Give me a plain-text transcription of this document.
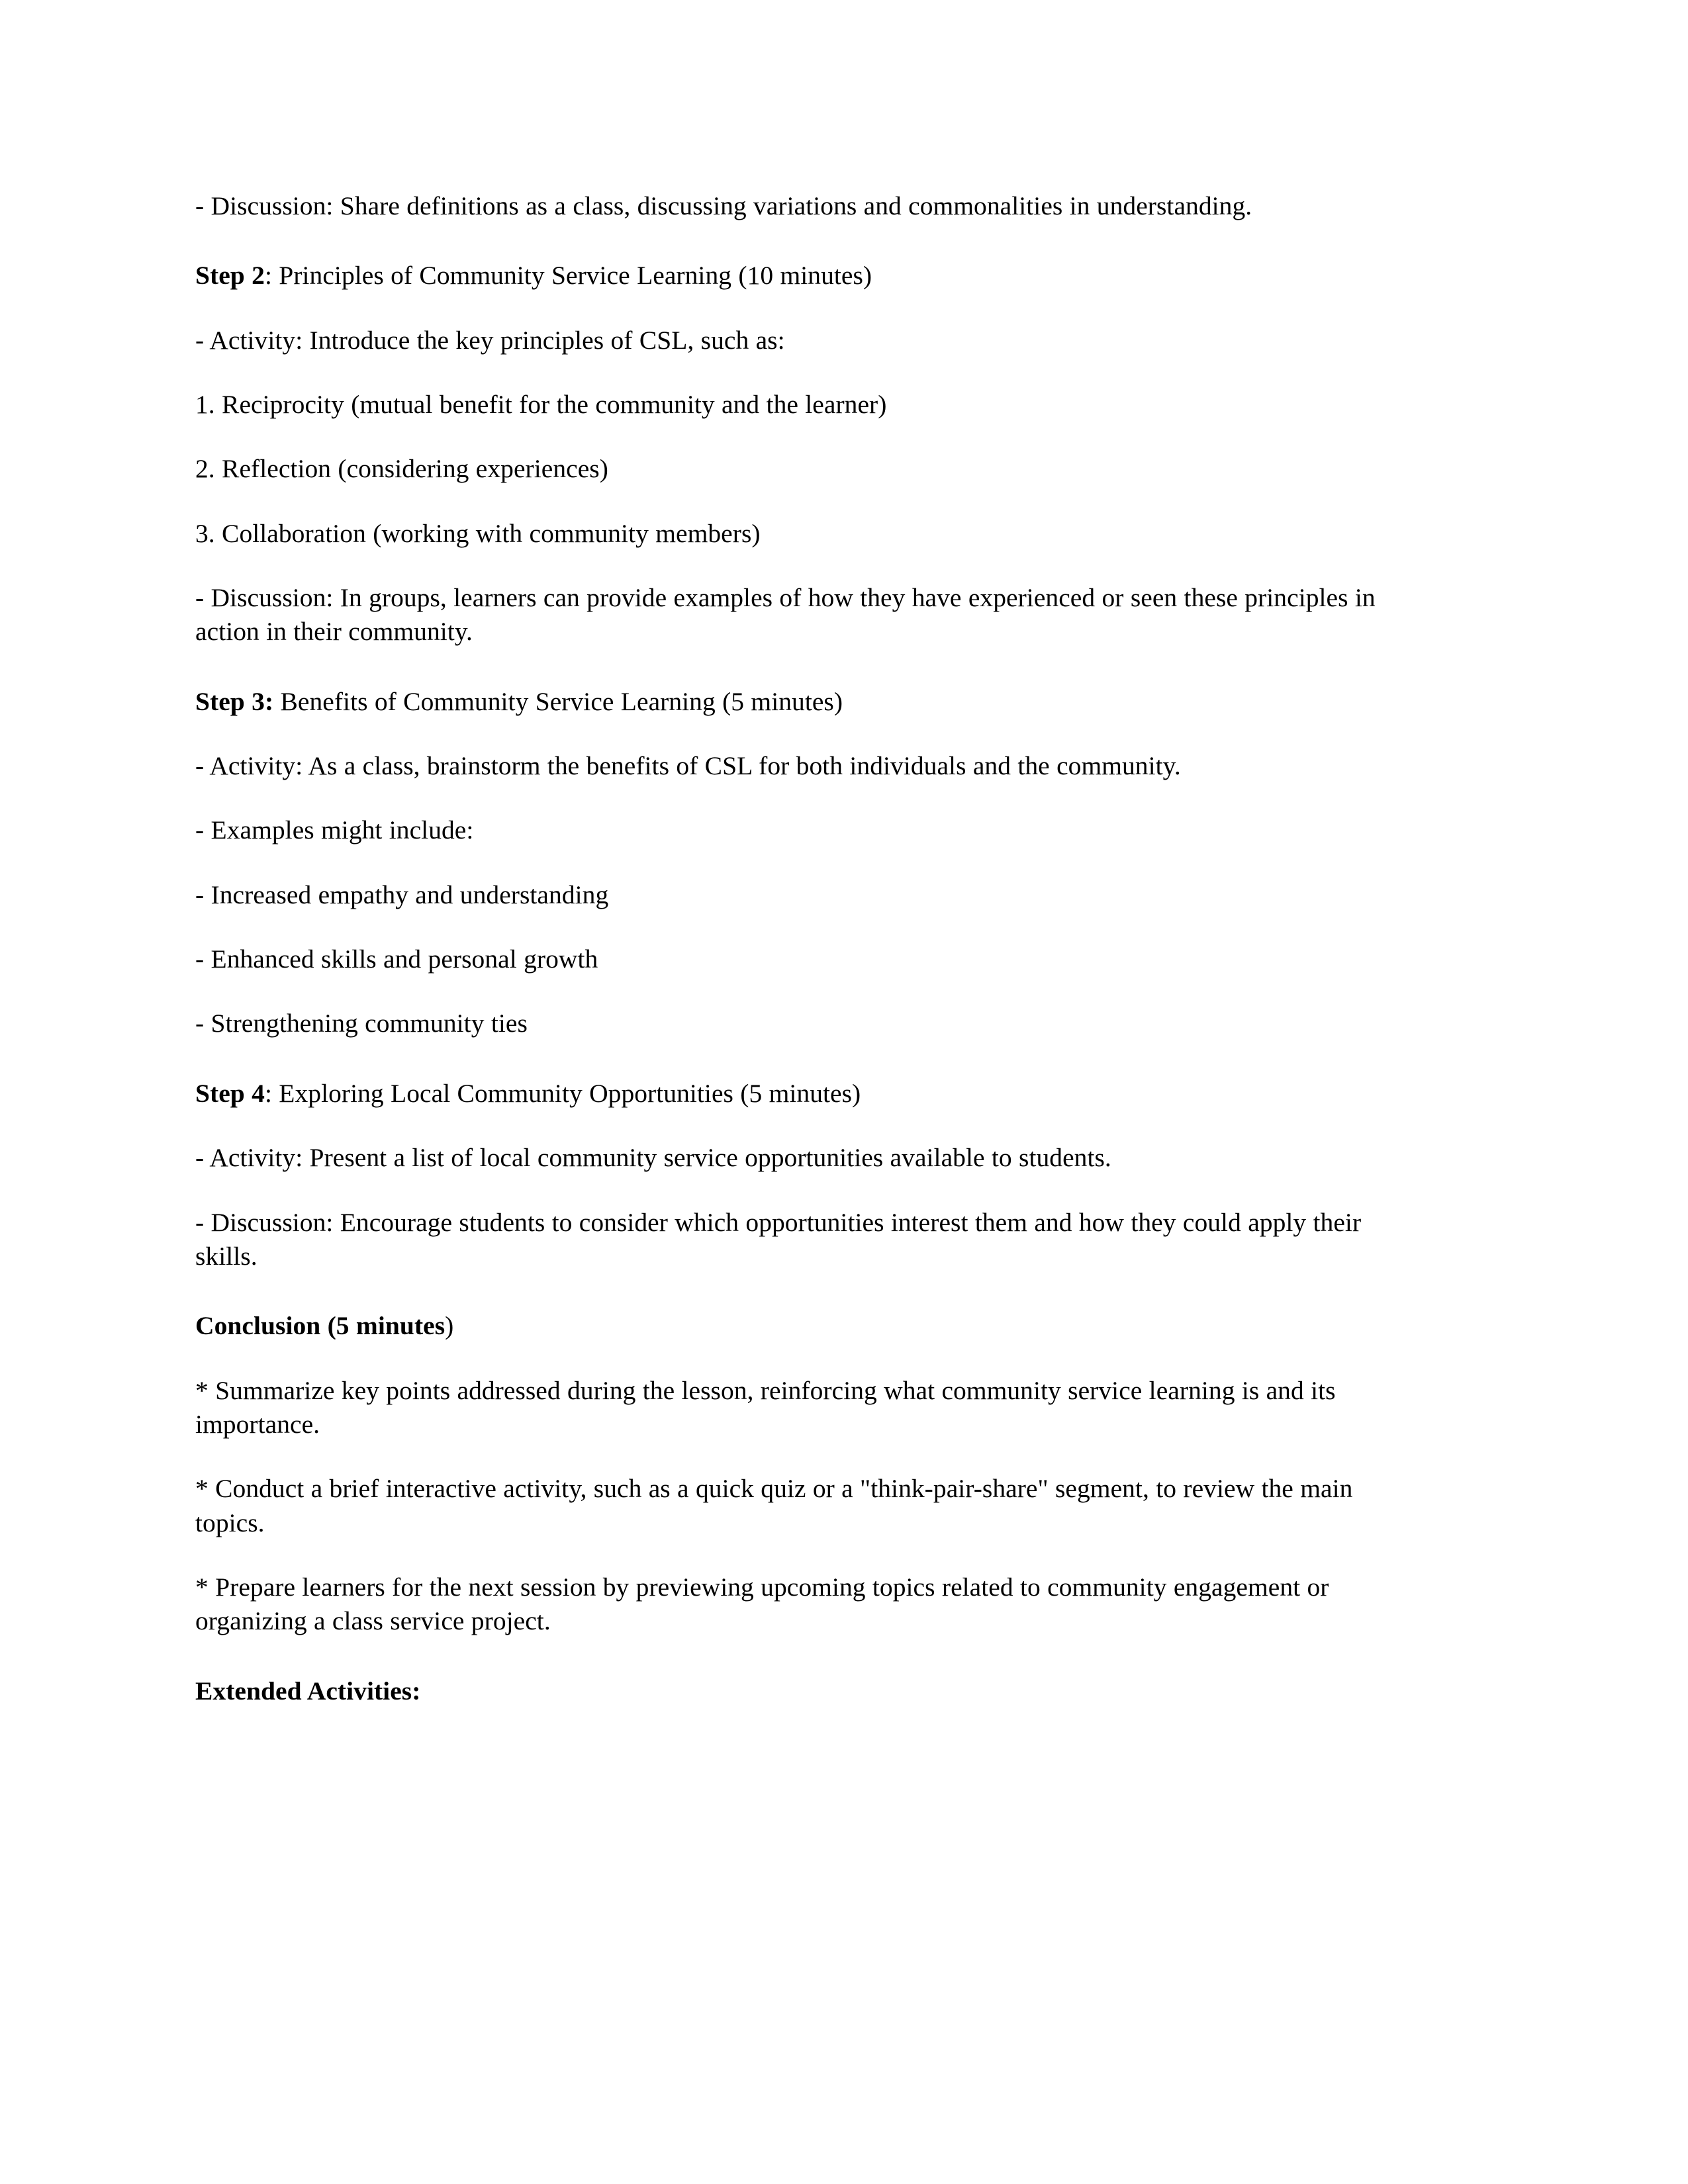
- Discussion: Share definitions as a class, discussing variations and commonalities in understanding.

Step 2: Principles of Community Service Learning (10 minutes)

- Activity: Introduce the key principles of CSL, such as:

1. Reciprocity (mutual benefit for the community and the learner)

2. Reflection (considering experiences)

3. Collaboration (working with community members)

- Discussion: In groups, learners can provide examples of how they have experienced or seen these principles in action in their community.

Step 3: Benefits of Community Service Learning (5 minutes)

- Activity: As a class, brainstorm the benefits of CSL for both individuals and the community.

- Examples might include:

- Increased empathy and understanding

- Enhanced skills and personal growth

- Strengthening community ties

Step 4: Exploring Local Community Opportunities (5 minutes)

- Activity: Present a list of local community service opportunities available to students.

- Discussion: Encourage students to consider which opportunities interest them and how they could apply their skills.

Conclusion (5 minutes)

* Summarize key points addressed during the lesson, reinforcing what community service learning is and its importance.

* Conduct a brief interactive activity, such as a quick quiz or a "think-pair-share" segment, to review the main topics.

* Prepare learners for the next session by previewing upcoming topics related to community engagement or organizing a class service project.

Extended Activities:
